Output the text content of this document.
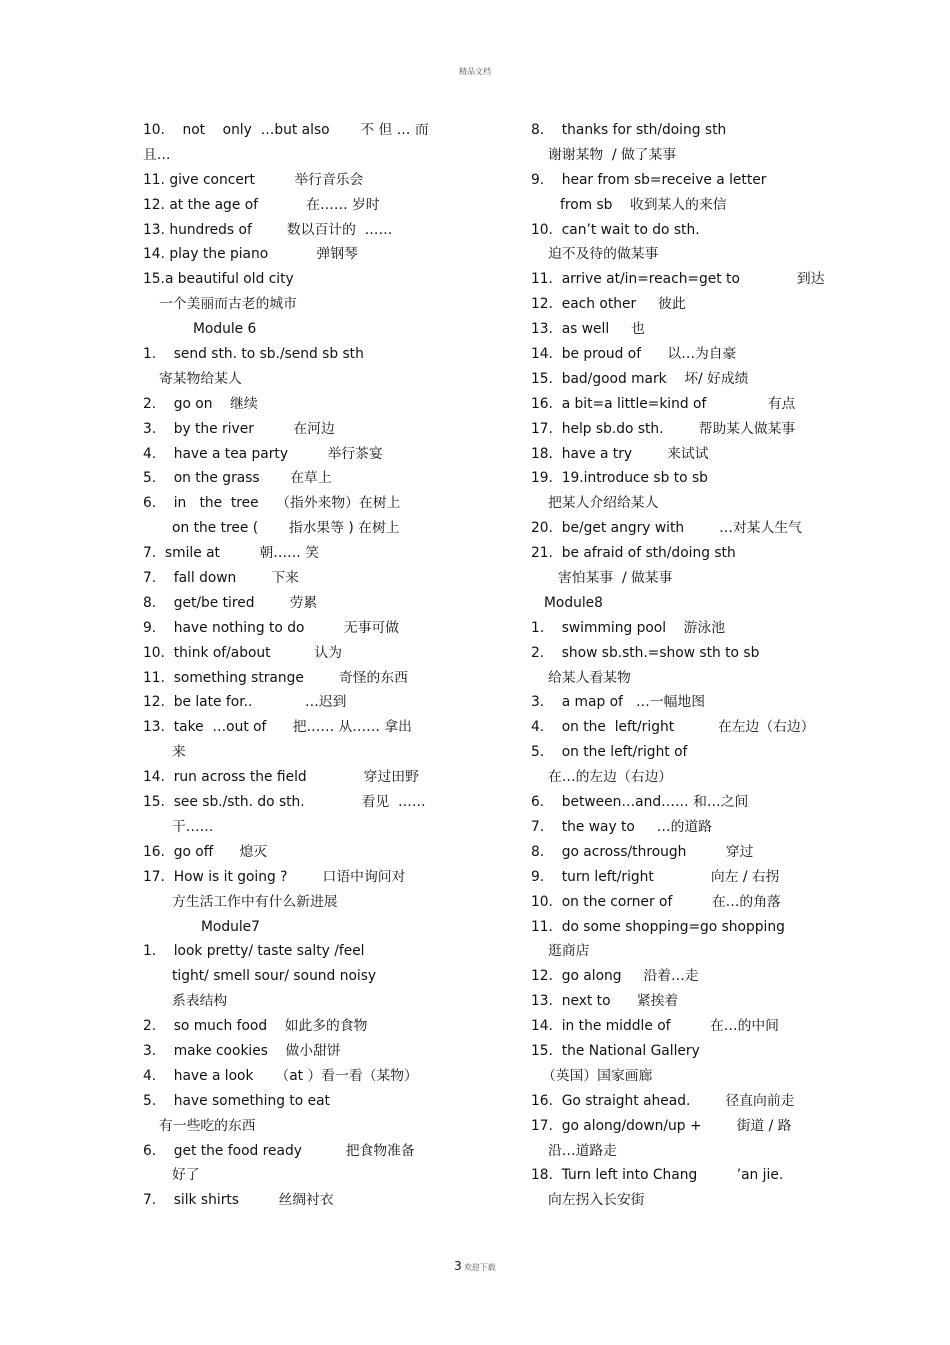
精品文档
10.    not    only  …but also       不 但 … 而
且…
11. give concert         举行音乐会
12. at the age of           在…… 岁时
13. hundreds of        数以百计的  ……
14. play the piano           弹钢琴
15.a beautiful old city
一个美丽而古老的城市
Module 6
1.    send sth. to sb./send sb sth
寄某物给某人
2.    go on    继续
3.    by the river         在河边
4.    have a tea party         举行茶宴
5.    on the grass       在草上
6.    in   the  tree    （指外来物）在树上
on the tree (       指水果等 ) 在树上
7.  smile at         朝…… 笑
7.    fall down        下来
8.    get/be tired        劳累
9.    have nothing to do         无事可做
10.  think of/about          认为
11.  something strange        奇怪的东西
12.  be late for..            …迟到
13.  take  …out of      把…… 从…… 拿出
来
14.  run across the field             穿过田野
15.  see sb./sth. do sth.             看见  ……
干……
16.  go off      熄灭
17.  How is it going ?        口语中询问对
方生活工作中有什么新进展
Module7
1.    look pretty/ taste salty /feel
tight/ smell sour/ sound noisy
系表结构
2.    so much food    如此多的食物
3.    make cookies    做小甜饼
4.    have a look     （at ）看一看（某物）
5.    have something to eat
有一些吃的东西
6.    get the food ready          把食物准备
好了
7.    silk shirts         丝绸衬衣
8.    thanks for sth/doing sth
谢谢某物  / 做了某事
9.    hear from sb=receive a letter
from sb    收到某人的来信
10.  can’t wait to do sth.
迫不及待的做某事
11.  arrive at/in=reach=get to             到达
12.  each other     彼此
13.  as well     也
14.  be proud of      以…为自豪
15.  bad/good mark    坏/ 好成绩
16.  a bit=a little=kind of              有点
17.  help sb.do sth.        帮助某人做某事
18.  have a try        来试试
19.  19.introduce sb to sb
把某人介绍给某人
20.  be/get angry with        …对某人生气
21.  be afraid of sth/doing sth
害怕某事  / 做某事
Module8
1.    swimming pool    游泳池
2.    show sb.sth.=show sth to sb
给某人看某物
3.    a map of   …一幅地图
4.    on the  left/right          在左边（右边）
5.    on the left/right of
在…的左边（右边）
6.    between…and…… 和…之间
7.    the way to     …的道路
8.    go across/through         穿过
9.    turn left/right             向左 / 右拐
10.  on the corner of         在…的角落
11.  do some shopping=go shopping
逛商店
12.  go along     沿着…走
13.  next to      紧挨着
14.  in the middle of         在…的中间
15.  the National Gallery
（英国）国家画廊
16.  Go straight ahead.        径直向前走
17.  go along/down/up +        街道 / 路
沿…道路走
18.  Turn left into Chang         ’an jie.
向左拐入长安街
3 欢迎下载
